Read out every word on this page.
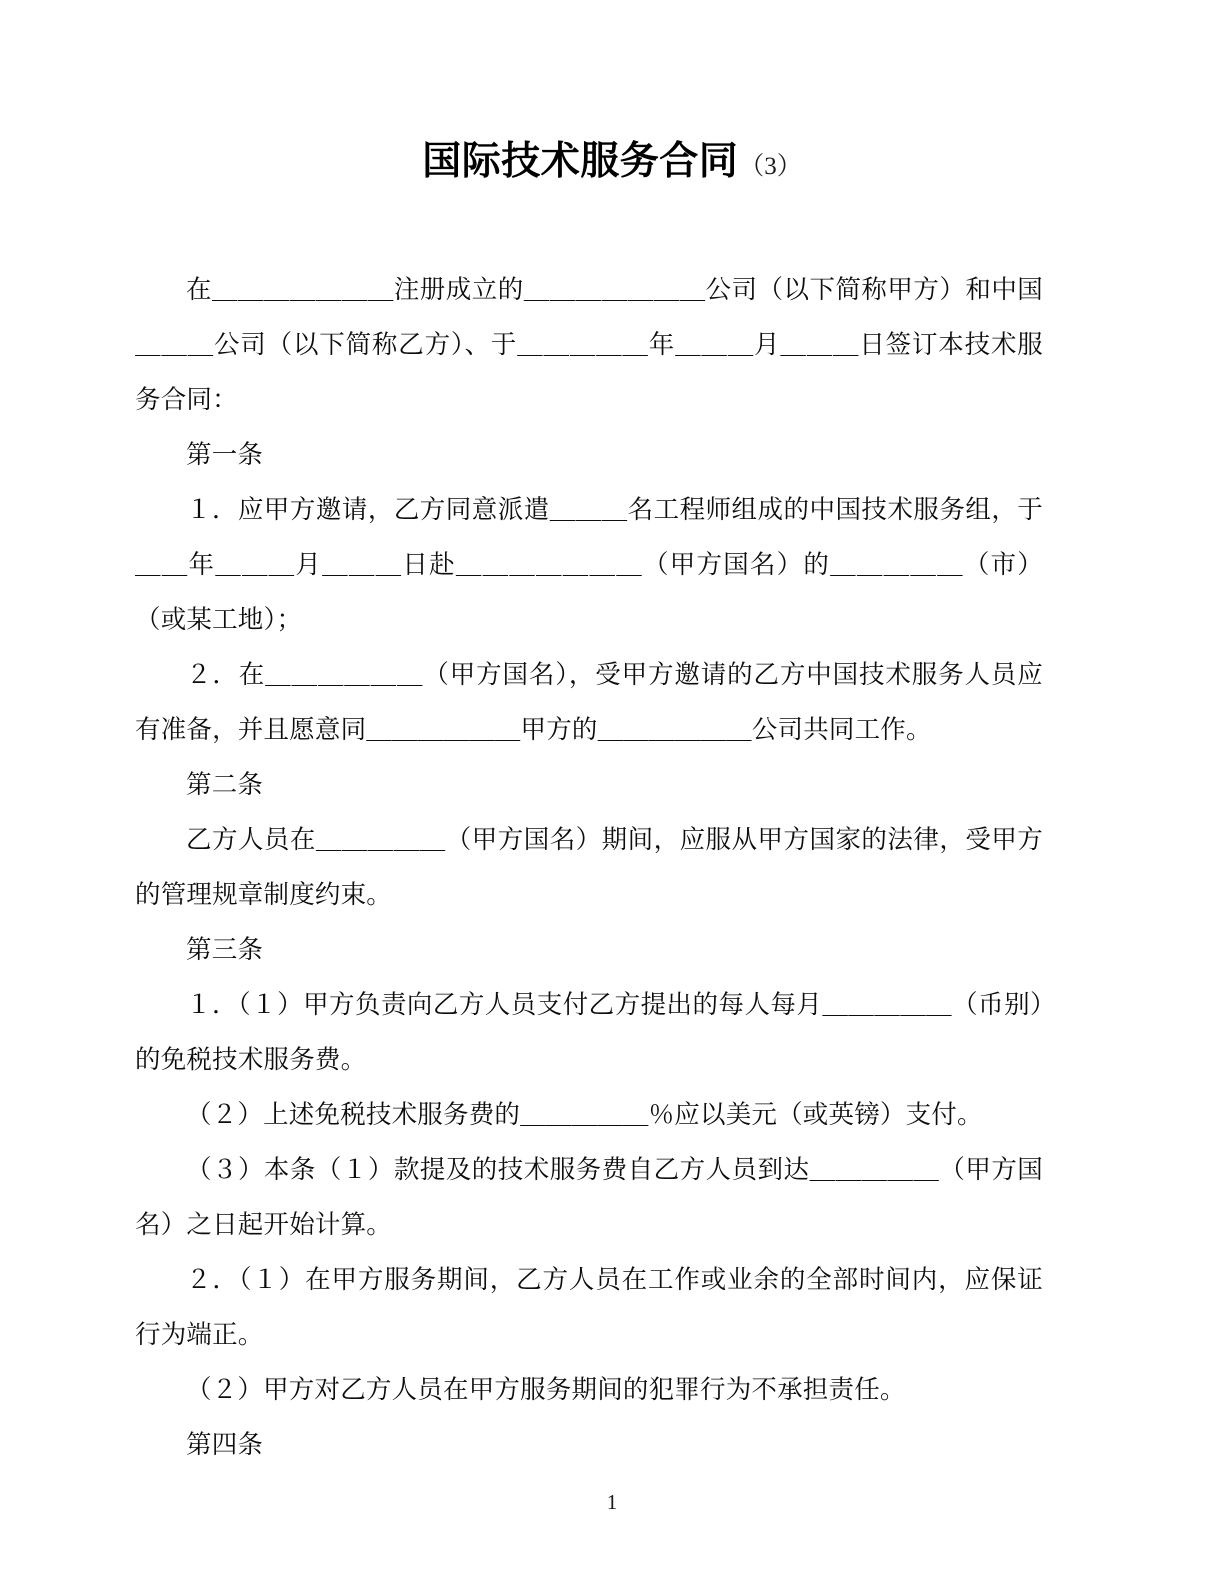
国际技术服务合同（3）

在＿＿＿＿＿＿＿注册成立的＿＿＿＿＿＿＿公司（以下简称甲方）和中国＿＿＿公司（以下简称乙方）、于＿＿＿＿＿年＿＿＿月＿＿＿日签订本技术服务合同：

第一条

１．应甲方邀请，乙方同意派遣＿＿＿名工程师组成的中国技术服务组，于＿＿年＿＿＿月＿＿＿日赴＿＿＿＿＿＿＿（甲方国名）的＿＿＿＿＿（市）（或某工地）；

２．在＿＿＿＿＿＿（甲方国名），受甲方邀请的乙方中国技术服务人员应有准备，并且愿意同＿＿＿＿＿＿甲方的＿＿＿＿＿＿公司共同工作。

第二条

乙方人员在＿＿＿＿＿（甲方国名）期间，应服从甲方国家的法律，受甲方的管理规章制度约束。

第三条

１．（１）甲方负责向乙方人员支付乙方提出的每人每月＿＿＿＿＿（币别）的免税技术服务费。

（２）上述免税技术服务费的＿＿＿＿＿％应以美元（或英镑）支付。

（３）本条（１）款提及的技术服务费自乙方人员到达＿＿＿＿＿（甲方国名）之日起开始计算。

２．（１）在甲方服务期间，乙方人员在工作或业余的全部时间内，应保证行为端正。

（２）甲方对乙方人员在甲方服务期间的犯罪行为不承担责任。

第四条

1
